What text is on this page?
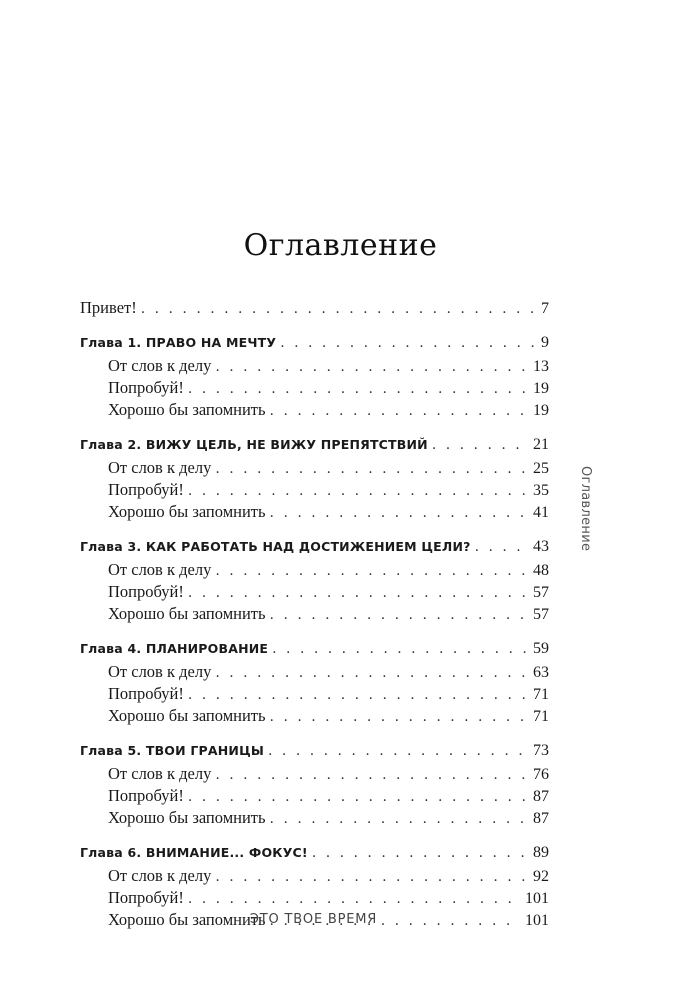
Оглавление
Привет! . . .	7
Глава 1. ПРАВО НА МЕЧТУ . . .	9
От слов к делу . . .	13
Попробуй! . . .	19
Хорошо бы запомнить . . .	19
Глава 2. ВИЖУ ЦЕЛЬ, НЕ ВИЖУ ПРЕПЯТСТВИЙ . . .	21
От слов к делу . . .	25
Попробуй! . . .	35
Хорошо бы запомнить . . .	41
Глава 3. КАК РАБОТАТЬ НАД ДОСТИЖЕНИЕМ ЦЕЛИ? . . .	43
От слов к делу . . .	48
Попробуй! . . .	57
Хорошо бы запомнить . . .	57
Глава 4. ПЛАНИРОВАНИЕ . . .	59
От слов к делу . . .	63
Попробуй! . . .	71
Хорошо бы запомнить . . .	71
Глава 5. ТВОИ ГРАНИЦЫ . . .	73
От слов к делу . . .	76
Попробуй! . . .	87
Хорошо бы запомнить . . .	87
Глава 6. ВНИМАНИЕ... ФОКУС! . . .	89
От слов к делу . . .	92
Попробуй! . . .	101
Хорошо бы запомнить . . .	101
Оглавление
ЭТО ТВОЕ ВРЕМЯ
